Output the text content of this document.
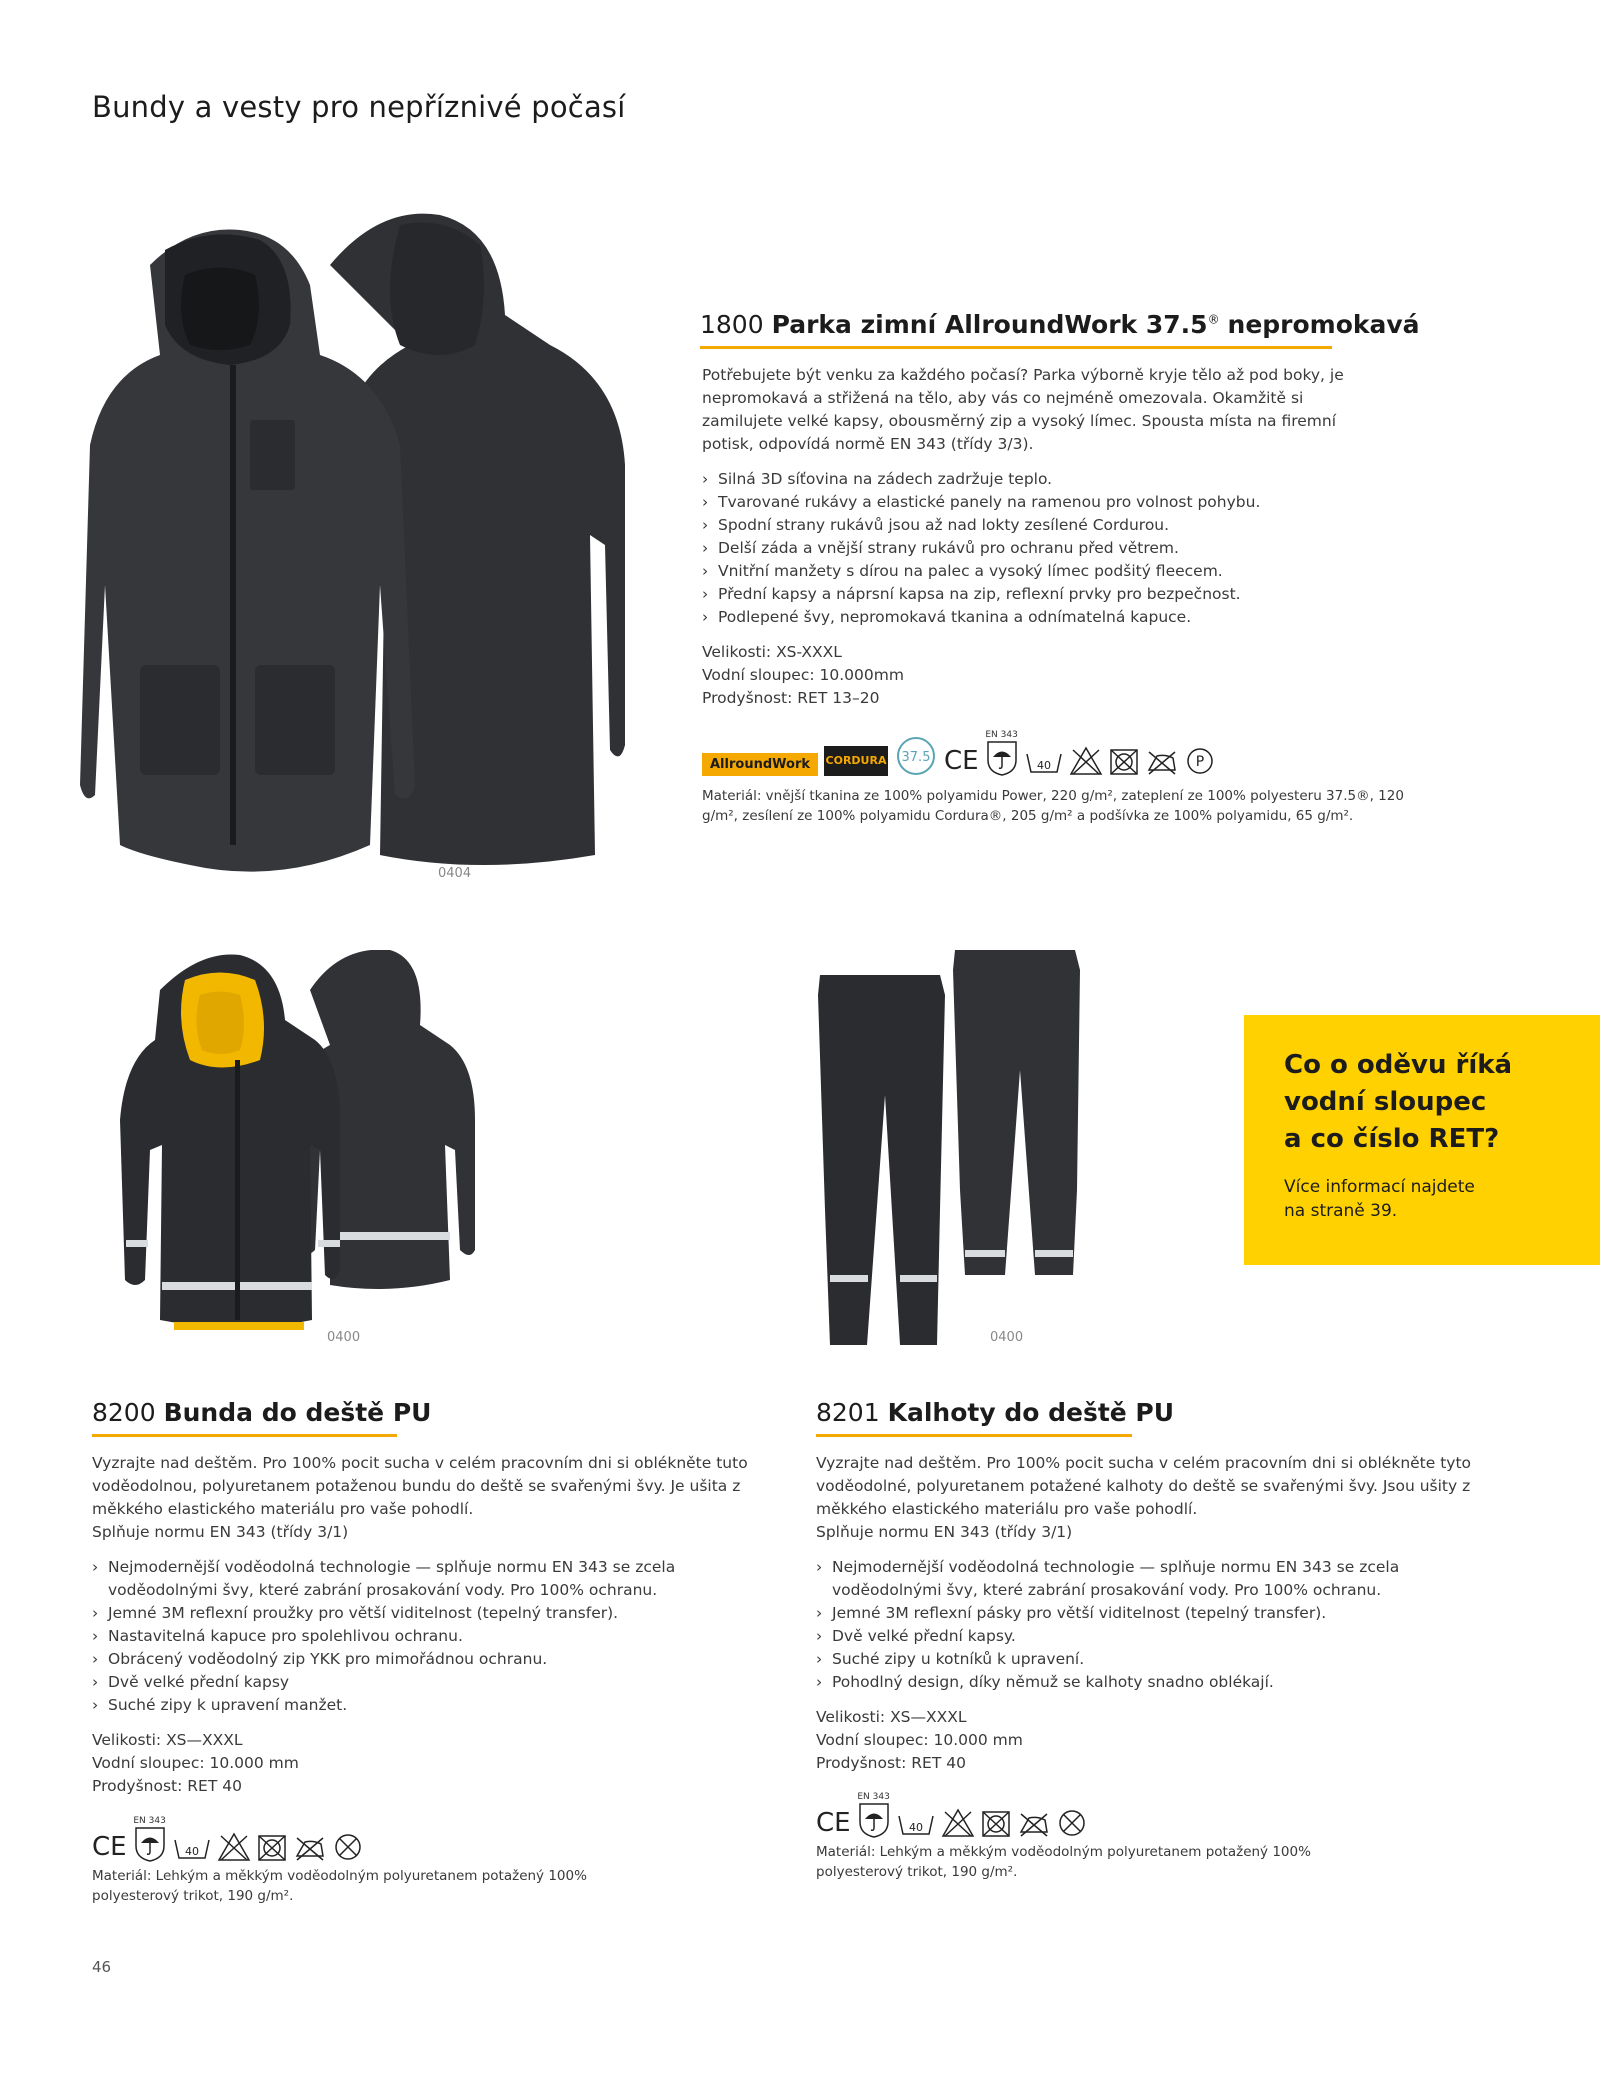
Bundy a vesty pro nepříznivé počasí
0404
1800 Parka zimní AllroundWork 37.5® nepromokavá

Potřebujete být venku za každého počasí? Parka výborně kryje tělo až pod boky, je nepromokavá a střižená na tělo, aby vás co nejméně omezovala. Okamžitě si zamilujete velké kapsy, obousměrný zip a vysoký límec. Spousta místa na firemní potisk, odpovídá normě EN 343 (třídy 3/3).

› Silná 3D síťovina na zádech zadržuje teplo.
› Tvarované rukávy a elastické panely na ramenou pro volnost pohybu.
› Spodní strany rukávů jsou až nad lokty zesílené Cordurou.
› Delší záda a vnější strany rukávů pro ochranu před větrem.
› Vnitřní manžety s dírou na palec a vysoký límec podšitý fleecem.
› Přední kapsy a náprsní kapsa na zip, reflexní prvky pro bezpečnost.
› Podlepené švy, nepromokavá tkanina a odnímatelná kapuce.
Velikosti: XS-XXXL
Vodní sloupec: 10.000mm
Prodyšnost: RET 13–20
AllroundWork	CORDURA 37.5 CE
EN 343
40	P
Materiál: vnější tkanina ze 100% polyamidu Power, 220 g/m², zateplení ze 100% polyesteru 37.5®, 120 g/m², zesílení ze 100% polyamidu Cordura®, 205 g/m² a podšívka ze 100% polyamidu, 65 g/m².
0400	0400
Co o oděvu říká
vodní sloupec
a co číslo RET?
Více informací najdete
na straně 39.
8200 Bunda do deště PU

Vyzrajte nad deštěm. Pro 100% pocit sucha v celém pracovním dni si oblékněte tuto voděodolnou, polyuretanem potaženou bundu do deště se svařenými švy. Je ušita z měkkého elastického materiálu pro vaše pohodlí.

Splňuje normu EN 343 (třídy 3/1)

› Nejmodernější voděodolná technologie — splňuje normu EN 343 se zcela voděodolnými švy, které zabrání prosakování vody. Pro 100% ochranu.
› Jemné 3M reflexní proužky pro větší viditelnost (tepelný transfer).
› Nastavitelná kapuce pro spolehlivou ochranu.
› Obrácený voděodolný zip YKK pro mimořádnou ochranu.
› Dvě velké přední kapsy
› Suché zipy k upravení manžet.
Velikosti: XS—XXXL
Vodní sloupec: 10.000 mm
Prodyšnost: RET 40
CE
EN 343
40
Materiál: Lehkým a měkkým voděodolným polyuretanem potažený 100% polyesterový trikot, 190 g/m².
8201 Kalhoty do deště PU

Vyzrajte nad deštěm. Pro 100% pocit sucha v celém pracovním dni si oblékněte tyto voděodolné, polyuretanem potažené kalhoty do deště se svařenými švy. Jsou ušity z měkkého elastického materiálu pro vaše pohodlí.

Splňuje normu EN 343 (třídy 3/1)

› Nejmodernější voděodolná technologie — splňuje normu EN 343 se zcela voděodolnými švy, které zabrání prosakování vody. Pro 100% ochranu.
› Jemné 3M reflexní pásky pro větší viditelnost (tepelný transfer).
› Dvě velké přední kapsy.
› Suché zipy u kotníků k upravení.
› Pohodlný design, díky němuž se kalhoty snadno oblékají.
Velikosti: XS—XXXL
Vodní sloupec: 10.000 mm
Prodyšnost: RET 40
CE
EN 343
40
Materiál: Lehkým a měkkým voděodolným polyuretanem potažený 100% polyesterový trikot, 190 g/m².
46
